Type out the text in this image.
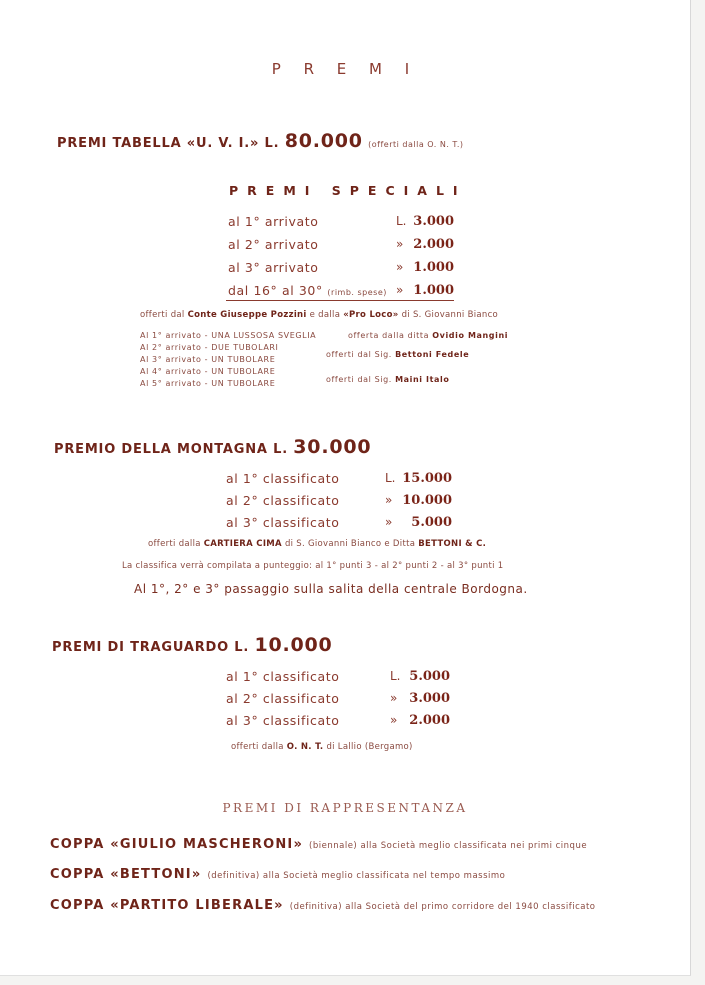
P R E M I
PREMI TABELLA «U. V. I.» L. 80.000 (offerti dalla O. N. T.)
PREMI SPECIALI
al 1° arrivato	L. 3.000
al 2° arrivato	» 2.000
al 3° arrivato	» 1.000
dal 16° al 30° (rimb. spese) » 1.000
offerti dal Conte Giuseppe Pozzini e dalla «Pro Loco» di S. Giovanni Bianco
Al 1° arrivato - UNA LUSSOSA SVEGLIA
Al 2° arrivato - DUE TUBOLARI
Al 3° arrivato - UN TUBOLARE
Al 4° arrivato - UN TUBOLARE
Al 5° arrivato - UN TUBOLARE
offerta dalla ditta Ovidio Mangini
offerti dal Sig. Bettoni Fedele
offerti dal Sig. Maini Italo
PREMIO DELLA MONTAGNA L. 30.000
al 1° classificato	L. 15.000
al 2° classificato	» 10.000
al 3° classificato	»	5.000
offerti dalla CARTIERA CIMA di S. Giovanni Bianco e Ditta BETTONI & C.
La classifica verrà compilata a punteggio: al 1° punti 3 - al 2° punti 2 - al 3° punti 1
Al 1°, 2° e 3° passaggio sulla salita della centrale Bordogna.
PREMI DI TRAGUARDO L. 10.000
al 1° classificato	L. 5.000
al 2° classificato	» 3.000
al 3° classificato	» 2.000
offerti dalla O. N. T. di Lallio (Bergamo)
PREMI DI RAPPRESENTANZA
COPPA «GIULIO MASCHERONI» (biennale) alla Società meglio classificata nei primi cinque
COPPA «BETTONI» (definitiva) alla Società meglio classificata nel tempo massimo
COPPA «PARTITO LIBERALE» (definitiva) alla Società del primo corridore del 1940 classificato
